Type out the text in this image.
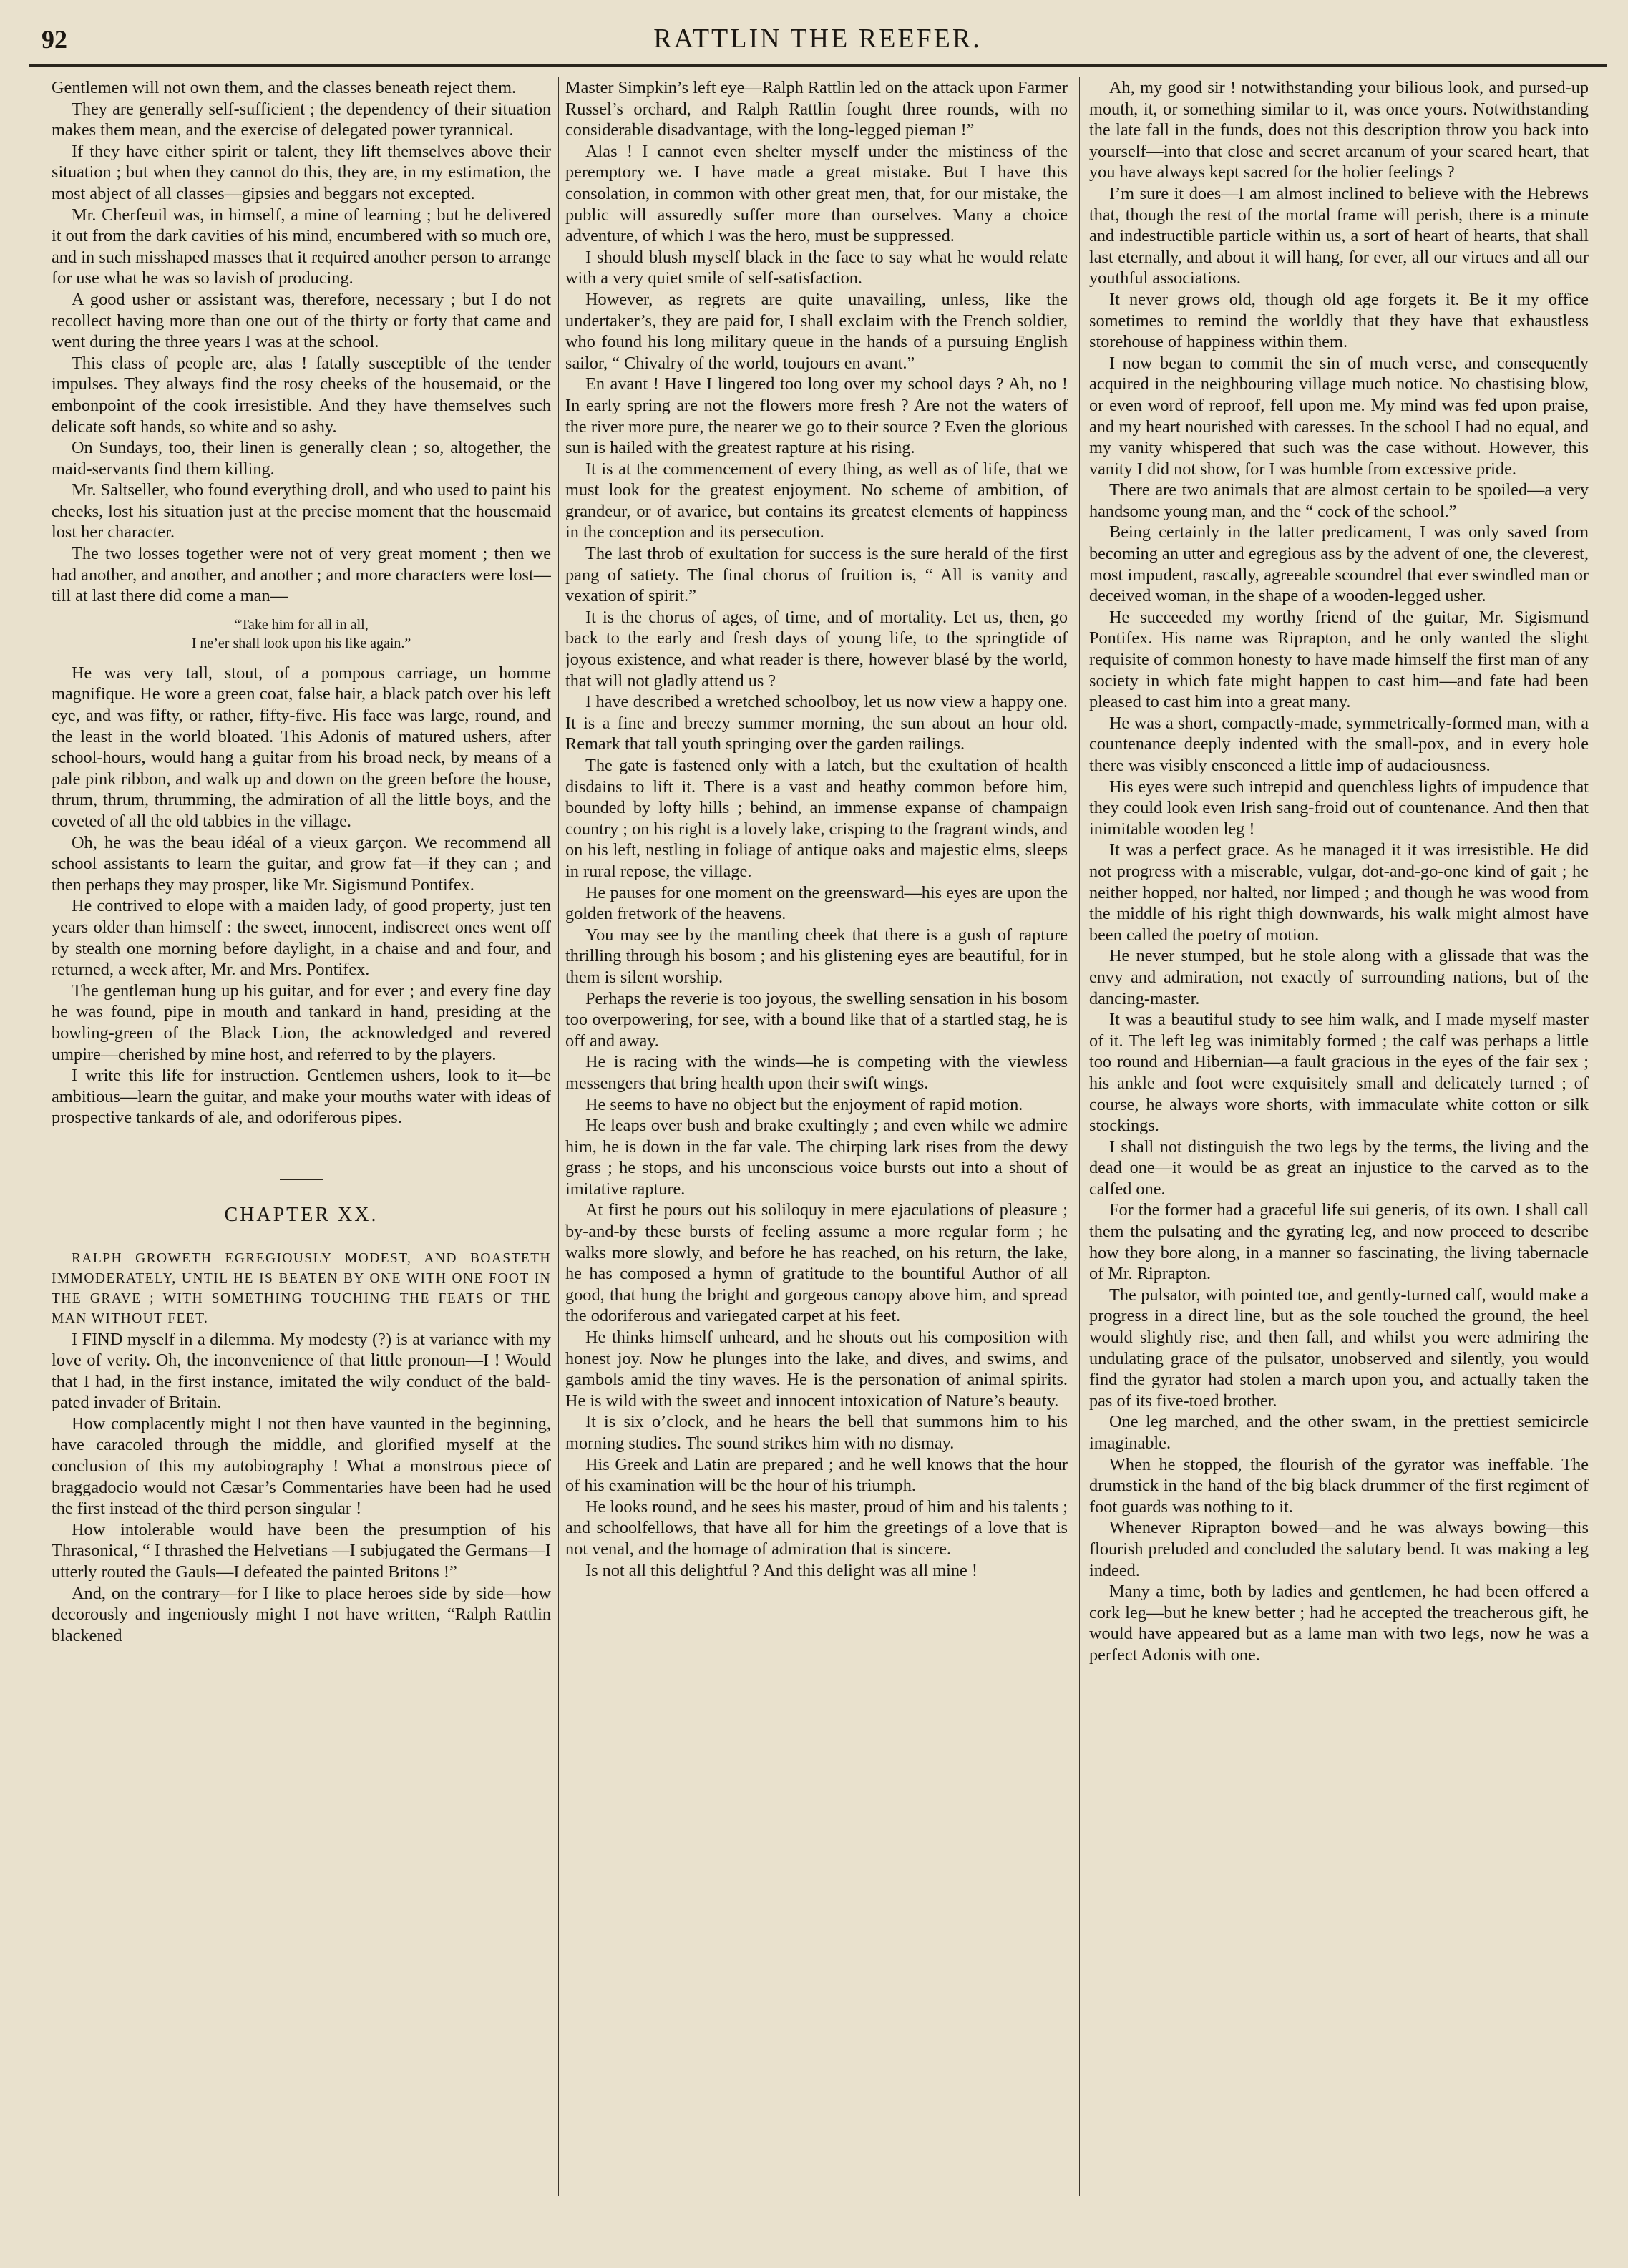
92	RATTLIN THE REEFER.

Gentlemen will not own them, and the classes beneath reject them.

They are generally self-sufficient ; the dependency of their situation makes them mean, and the exercise of delegated power tyrannical.

If they have either spirit or talent, they lift themselves above their situation ; but when they cannot do this, they are, in my estimation, the most abject of all classes—gipsies and beggars not excepted.

Mr. Cherfeuil was, in himself, a mine of learning ; but he delivered it out from the dark cavities of his mind, encumbered with so much ore, and in such misshaped masses that it required another person to arrange for use what he was so lavish of producing.

A good usher or assistant was, therefore, necessary ; but I do not recollect having more than one out of the thirty or forty that came and went during the three years I was at the school.

This class of people are, alas ! fatally susceptible of the tender impulses. They always find the rosy cheeks of the housemaid, or the embonpoint of the cook irresistible. And they have themselves such delicate soft hands, so white and so ashy.

On Sundays, too, their linen is generally clean ; so, altogether, the maid-servants find them killing.

Mr. Saltseller, who found everything droll, and who used to paint his cheeks, lost his situation just at the precise moment that the housemaid lost her character.

The two losses together were not of very great moment ; then we had another, and another, and another ; and more characters were lost—till at last there did come a man—

“Take him for all in all,

I ne’er shall look upon his like again.”

He was very tall, stout, of a pompous carriage, un homme magnifique. He wore a green coat, false hair, a black patch over his left eye, and was fifty, or rather, fifty-five. His face was large, round, and the least in the world bloated. This Adonis of matured ushers, after school-hours, would hang a guitar from his broad neck, by means of a pale pink ribbon, and walk up and down on the green before the house, thrum, thrum, thrumming, the admiration of all the little boys, and the coveted of all the old tabbies in the village.

Oh, he was the beau idéal of a vieux garçon. We recommend all school assistants to learn the guitar, and grow fat—if they can ; and then perhaps they may prosper, like Mr. Sigismund Pontifex.

He contrived to elope with a maiden lady, of good property, just ten years older than himself : the sweet, innocent, indiscreet ones went off by stealth one morning before daylight, in a chaise and and four, and returned, a week after, Mr. and Mrs. Pontifex.

The gentleman hung up his guitar, and for ever ; and every fine day he was found, pipe in mouth and tankard in hand, presiding at the bowling-green of the Black Lion, the acknowledged and revered umpire—cherished by mine host, and referred to by the players.

I write this life for instruction. Gentlemen ushers, look to it—be ambitious—learn the guitar, and make your mouths water with ideas of prospective tankards of ale, and odoriferous pipes.

CHAPTER XX.

RALPH GROWETH EGREGIOUSLY MODEST, AND BOASTETH IMMODERATELY, UNTIL HE IS BEATEN BY ONE WITH ONE FOOT IN THE GRAVE ; WITH SOMETHING TOUCHING THE FEATS OF THE MAN WITHOUT FEET.

I FIND myself in a dilemma. My modesty (?) is at variance with my love of verity. Oh, the inconvenience of that little pronoun—I ! Would that I had, in the first instance, imitated the wily conduct of the bald-pated invader of Britain.

How complacently might I not then have vaunted in the beginning, have caracoled through the middle, and glorified myself at the conclusion of this my autobiography ! What a monstrous piece of braggadocio would not Cæsar’s Commentaries have been had he used the first instead of the third person singular !

How intolerable would have been the presumption of his Thrasonical, “ I thrashed the Helvetians —I subjugated the Germans—I utterly routed the Gauls—I defeated the painted Britons !”

And, on the contrary—for I like to place heroes side by side—how decorously and ingeniously might I not have written, “Ralph Rattlin blackened

Master Simpkin’s left eye—Ralph Rattlin led on the attack upon Farmer Russel’s orchard, and Ralph Rattlin fought three rounds, with no considerable disadvantage, with the long-legged pieman !”

Alas ! I cannot even shelter myself under the mistiness of the peremptory we. I have made a great mistake. But I have this consolation, in common with other great men, that, for our mistake, the public will assuredly suffer more than ourselves. Many a choice adventure, of which I was the hero, must be suppressed.

I should blush myself black in the face to say what he would relate with a very quiet smile of self-satisfaction.

However, as regrets are quite unavailing, unless, like the undertaker’s, they are paid for, I shall exclaim with the French soldier, who found his long military queue in the hands of a pursuing English sailor, “ Chivalry of the world, toujours en avant.”

En avant ! Have I lingered too long over my school days ? Ah, no ! In early spring are not the flowers more fresh ? Are not the waters of the river more pure, the nearer we go to their source ? Even the glorious sun is hailed with the greatest rapture at his rising.

It is at the commencement of every thing, as well as of life, that we must look for the greatest enjoyment. No scheme of ambition, of grandeur, or of avarice, but contains its greatest elements of happiness in the conception and its persecution.

The last throb of exultation for success is the sure herald of the first pang of satiety. The final chorus of fruition is, “ All is vanity and vexation of spirit.”

It is the chorus of ages, of time, and of mortality. Let us, then, go back to the early and fresh days of young life, to the springtide of joyous existence, and what reader is there, however blasé by the world, that will not gladly attend us ?

I have described a wretched schoolboy, let us now view a happy one. It is a fine and breezy summer morning, the sun about an hour old. Remark that tall youth springing over the garden railings.

The gate is fastened only with a latch, but the exultation of health disdains to lift it. There is a vast and heathy common before him, bounded by lofty hills ; behind, an immense expanse of champaign country ; on his right is a lovely lake, crisping to the fragrant winds, and on his left, nestling in foliage of antique oaks and majestic elms, sleeps in rural repose, the village.

He pauses for one moment on the greensward—his eyes are upon the golden fretwork of the heavens.

You may see by the mantling cheek that there is a gush of rapture thrilling through his bosom ; and his glistening eyes are beautiful, for in them is silent worship.

Perhaps the reverie is too joyous, the swelling sensation in his bosom too overpowering, for see, with a bound like that of a startled stag, he is off and away.

He is racing with the winds—he is competing with the viewless messengers that bring health upon their swift wings.

He seems to have no object but the enjoyment of rapid motion.

He leaps over bush and brake exultingly ; and even while we admire him, he is down in the far vale. The chirping lark rises from the dewy grass ; he stops, and his unconscious voice bursts out into a shout of imitative rapture.

At first he pours out his soliloquy in mere ejaculations of pleasure ; by-and-by these bursts of feeling assume a more regular form ; he walks more slowly, and before he has reached, on his return, the lake, he has composed a hymn of gratitude to the bountiful Author of all good, that hung the bright and gorgeous canopy above him, and spread the odoriferous and variegated carpet at his feet.

He thinks himself unheard, and he shouts out his composition with honest joy. Now he plunges into the lake, and dives, and swims, and gambols amid the tiny waves. He is the personation of animal spirits. He is wild with the sweet and innocent intoxication of Nature’s beauty.

It is six o’clock, and he hears the bell that summons him to his morning studies. The sound strikes him with no dismay.

His Greek and Latin are prepared ; and he well knows that the hour of his examination will be the hour of his triumph.

He looks round, and he sees his master, proud of him and his talents ; and schoolfellows, that have all for him the greetings of a love that is not venal, and the homage of admiration that is sincere.

Is not all this delightful ? And this delight was all mine !

Ah, my good sir ! notwithstanding your bilious look, and pursed-up mouth, it, or something similar to it, was once yours. Notwithstanding the late fall in the funds, does not this description throw you back into yourself—into that close and secret arcanum of your seared heart, that you have always kept sacred for the holier feelings ?

I’m sure it does—I am almost inclined to believe with the Hebrews that, though the rest of the mortal frame will perish, there is a minute and indestructible particle within us, a sort of heart of hearts, that shall last eternally, and about it will hang, for ever, all our virtues and all our youthful associations.

It never grows old, though old age forgets it. Be it my office sometimes to remind the worldly that they have that exhaustless storehouse of happiness within them.

I now began to commit the sin of much verse, and consequently acquired in the neighbouring village much notice. No chastising blow, or even word of reproof, fell upon me. My mind was fed upon praise, and my heart nourished with caresses. In the school I had no equal, and my vanity whispered that such was the case without. However, this vanity I did not show, for I was humble from excessive pride.

There are two animals that are almost certain to be spoiled—a very handsome young man, and the “ cock of the school.”

Being certainly in the latter predicament, I was only saved from becoming an utter and egregious ass by the advent of one, the cleverest, most impudent, rascally, agreeable scoundrel that ever swindled man or deceived woman, in the shape of a wooden-legged usher.

He succeeded my worthy friend of the guitar, Mr. Sigismund Pontifex. His name was Riprapton, and he only wanted the slight requisite of common honesty to have made himself the first man of any society in which fate might happen to cast him—and fate had been pleased to cast him into a great many.

He was a short, compactly-made, symmetrically-formed man, with a countenance deeply indented with the small-pox, and in every hole there was visibly ensconced a little imp of audaciousness.

His eyes were such intrepid and quenchless lights of impudence that they could look even Irish sang-froid out of countenance. And then that inimitable wooden leg !

It was a perfect grace. As he managed it it was irresistible. He did not progress with a miserable, vulgar, dot-and-go-one kind of gait ; he neither hopped, nor halted, nor limped ; and though he was wood from the middle of his right thigh downwards, his walk might almost have been called the poetry of motion.

He never stumped, but he stole along with a glissade that was the envy and admiration, not exactly of surrounding nations, but of the dancing-master.

It was a beautiful study to see him walk, and I made myself master of it. The left leg was inimitably formed ; the calf was perhaps a little too round and Hibernian—a fault gracious in the eyes of the fair sex ; his ankle and foot were exquisitely small and delicately turned ; of course, he always wore shorts, with immaculate white cotton or silk stockings.

I shall not distinguish the two legs by the terms, the living and the dead one—it would be as great an injustice to the carved as to the calfed one.

For the former had a graceful life sui generis, of its own. I shall call them the pulsating and the gyrating leg, and now proceed to describe how they bore along, in a manner so fascinating, the living tabernacle of Mr. Riprapton.

The pulsator, with pointed toe, and gently-turned calf, would make a progress in a direct line, but as the sole touched the ground, the heel would slightly rise, and then fall, and whilst you were admiring the undulating grace of the pulsator, unobserved and silently, you would find the gyrator had stolen a march upon you, and actually taken the pas of its five-toed brother.

One leg marched, and the other swam, in the prettiest semicircle imaginable.

When he stopped, the flourish of the gyrator was ineffable. The drumstick in the hand of the big black drummer of the first regiment of foot guards was nothing to it.

Whenever Riprapton bowed—and he was always bowing—this flourish preluded and concluded the salutary bend. It was making a leg indeed.

Many a time, both by ladies and gentlemen, he had been offered a cork leg—but he knew better ; had he accepted the treacherous gift, he would have appeared but as a lame man with two legs, now he was a perfect Adonis with one.
